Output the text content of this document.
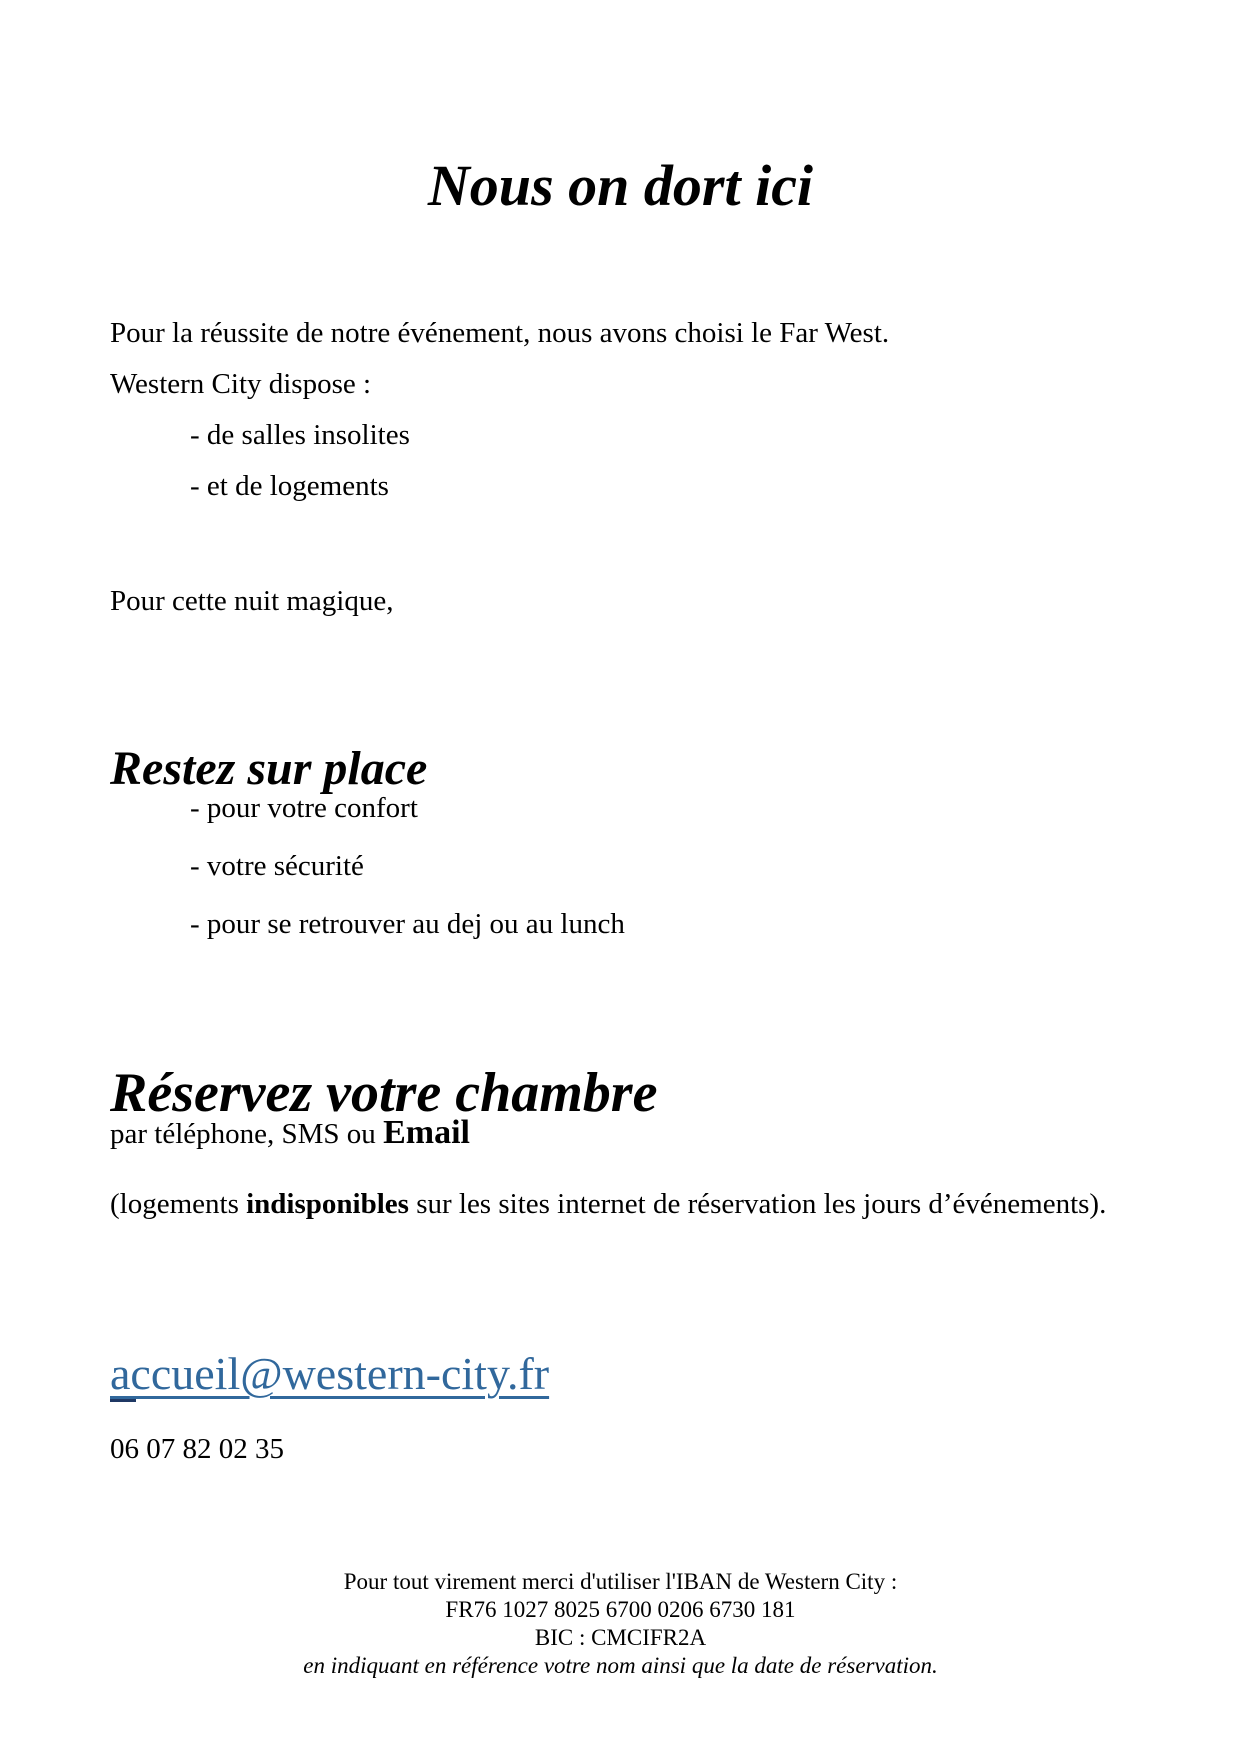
Nous on dort ici
Pour la réussite de notre événement, nous avons choisi le Far West.
Western City dispose :
- de salles insolites
- et de logements
Pour cette nuit magique,
Restez sur place
- pour votre confort
- votre sécurité
- pour se retrouver au dej ou au lunch
Réservez votre chambre
par téléphone, SMS ou Email
(logements indisponibles sur les sites internet de réservation les jours d’événements).
accueil@western-city.fr
06 07 82 02 35
Pour tout virement merci d'utiliser l'IBAN de Western City :
FR76 1027 8025 6700 0206 6730 181
BIC : CMCIFR2A
en indiquant en référence votre nom ainsi que la date de réservation.
